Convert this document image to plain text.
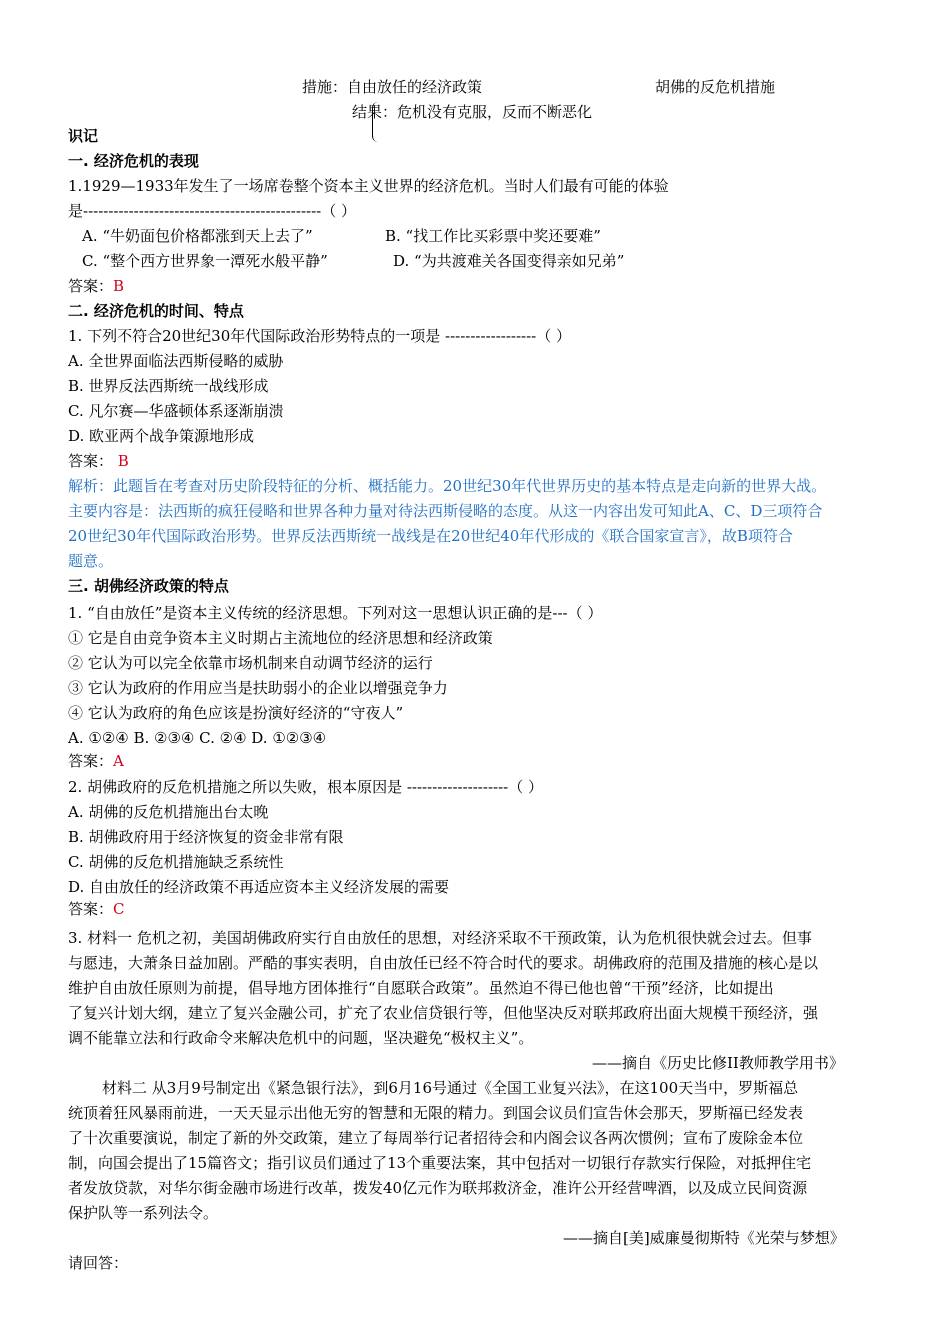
措施：自由放任的经济政策	胡佛的反危机措施
结果：危机没有克服，反而不断恶化
识记
一. 经济危机的表现
1.1929—1933年发生了一场席卷整个资本主义世界的经济危机。当时人们最有可能的体验
是-----------------------------------------------（ ）
A. “牛奶面包价格都涨到天上去了”	B. “找工作比买彩票中奖还要难”
C. “整个西方世界象一潭死水般平静”	D. “为共渡难关各国变得亲如兄弟”
答案：B
二. 经济危机的时间、特点
1. 下列不符合20世纪30年代国际政治形势特点的一项是 ------------------（ ）
A. 全世界面临法西斯侵略的威胁
B. 世界反法西斯统一战线形成
C. 凡尔赛—华盛顿体系逐渐崩溃
D. 欧亚两个战争策源地形成
答案： B
解析：此题旨在考查对历史阶段特征的分析、概括能力。20世纪30年代世界历史的基本特点是走向新的世界大战。
主要内容是：法西斯的疯狂侵略和世界各种力量对待法西斯侵略的态度。从这一内容出发可知此A、C、D三项符合
20世纪30年代国际政治形势。世界反法西斯统一战线是在20世纪40年代形成的《联合国家宣言》，故B项符合
题意。
三. 胡佛经济政策的特点
1. “自由放任”是资本主义传统的经济思想。下列对这一思想认识正确的是---（ ）
① 它是自由竞争资本主义时期占主流地位的经济思想和经济政策
② 它认为可以完全依靠市场机制来自动调节经济的运行
③ 它认为政府的作用应当是扶助弱小的企业以增强竞争力
④ 它认为政府的角色应该是扮演好经济的“守夜人”
A. ①②④ B. ②③④ C. ②④ D. ①②③④
答案：A
2. 胡佛政府的反危机措施之所以失败，根本原因是 --------------------（ ）
A. 胡佛的反危机措施出台太晚
B. 胡佛政府用于经济恢复的资金非常有限
C. 胡佛的反危机措施缺乏系统性
D. 自由放任的经济政策不再适应资本主义经济发展的需要
答案：C
3. 材料一 危机之初，美国胡佛政府实行自由放任的思想，对经济采取不干预政策，认为危机很快就会过去。但事
与愿违，大萧条日益加剧。严酷的事实表明，自由放任已经不符合时代的要求。胡佛政府的范围及措施的核心是以
维护自由放任原则为前提，倡导地方团体推行“自愿联合政策”。虽然迫不得已他也曾“干预”经济，比如提出
了复兴计划大纲，建立了复兴金融公司，扩充了农业信贷银行等，但他坚决反对联邦政府出面大规模干预经济，强
调不能靠立法和行政命令来解决危机中的问题，坚决避免“极权主义”。
——摘自《历史比修II教师教学用书》
材料二 从3月9号制定出《紧急银行法》，到6月16号通过《全国工业复兴法》，在这100天当中，罗斯福总
统顶着狂风暴雨前进，一天天显示出他无穷的智慧和无限的精力。到国会议员们宣告休会那天，罗斯福已经发表
了十次重要演说，制定了新的外交政策，建立了每周举行记者招待会和内阁会议各两次惯例；宣布了废除金本位
制，向国会提出了15篇咨文；指引议员们通过了13个重要法案，其中包括对一切银行存款实行保险，对抵押住宅
者发放贷款，对华尔街金融市场进行改革，拨发40亿元作为联邦救济金，准许公开经营啤酒，以及成立民间资源
保护队等一系列法令。
——摘自[美]威廉曼彻斯特《光荣与梦想》
请回答：
